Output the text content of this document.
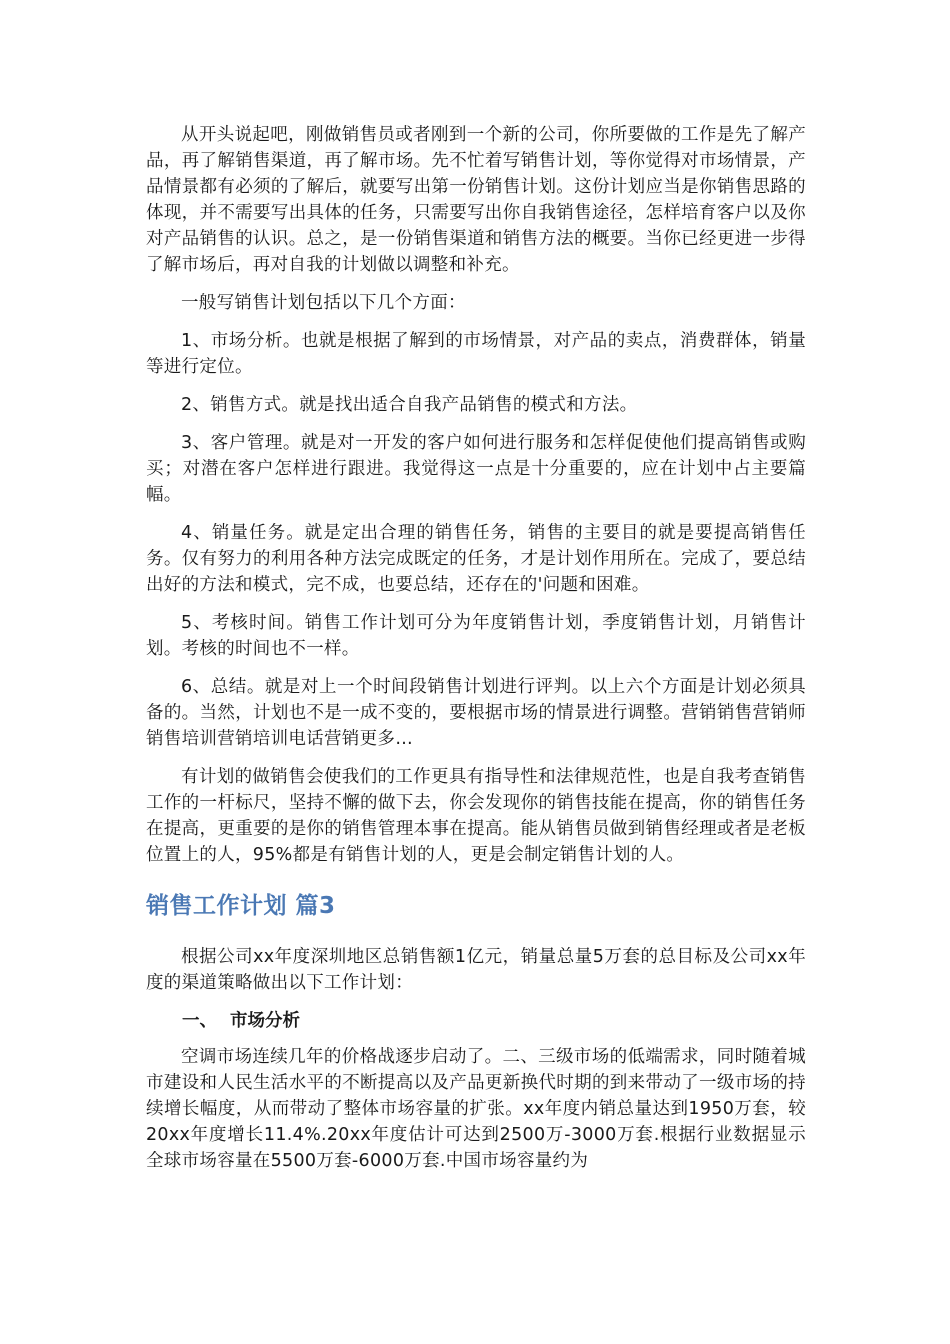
从开头说起吧，刚做销售员或者刚到一个新的公司，你所要做的工作是先了解产品，再了解销售渠道，再了解市场。先不忙着写销售计划，等你觉得对市场情景，产品情景都有必须的了解后，就要写出第一份销售计划。这份计划应当是你销售思路的体现，并不需要写出具体的任务，只需要写出你自我销售途径，怎样培育客户以及你对产品销售的认识。总之，是一份销售渠道和销售方法的概要。当你已经更进一步得了解市场后，再对自我的计划做以调整和补充。

一般写销售计划包括以下几个方面：

1、市场分析。也就是根据了解到的市场情景，对产品的卖点，消费群体，销量等进行定位。

2、销售方式。就是找出适合自我产品销售的模式和方法。

3、客户管理。就是对一开发的客户如何进行服务和怎样促使他们提高销售或购买；对潜在客户怎样进行跟进。我觉得这一点是十分重要的，应在计划中占主要篇幅。

4、销量任务。就是定出合理的销售任务，销售的主要目的就是要提高销售任务。仅有努力的利用各种方法完成既定的任务，才是计划作用所在。完成了，要总结出好的方法和模式，完不成，也要总结，还存在的'问题和困难。

5、考核时间。销售工作计划可分为年度销售计划，季度销售计划，月销售计划。考核的时间也不一样。

6、总结。就是对上一个时间段销售计划进行评判。以上六个方面是计划必须具备的。当然，计划也不是一成不变的，要根据市场的情景进行调整。营销销售营销师销售培训营销培训电话营销更多…

有计划的做销售会使我们的工作更具有指导性和法律规范性，也是自我考查销售工作的一杆标尺，坚持不懈的做下去，你会发现你的销售技能在提高，你的销售任务在提高，更重要的是你的销售管理本事在提高。能从销售员做到销售经理或者是老板位置上的人，95%都是有销售计划的人，更是会制定销售计划的人。

销售工作计划 篇3

根据公司xx年度深圳地区总销售额1亿元，销量总量5万套的总目标及公司xx年度的渠道策略做出以下工作计划：

一、 市场分析

空调市场连续几年的价格战逐步启动了。二、三级市场的低端需求，同时随着城市建设和人民生活水平的不断提高以及产品更新换代时期的到来带动了一级市场的持续增长幅度，从而带动了整体市场容量的扩张。xx年度内销总量达到1950万套，较20xx年度增长11.4%.20xx年度估计可达到2500万-3000万套.根据行业数据显示全球市场容量在5500万套-6000万套.中国市场容量约为
